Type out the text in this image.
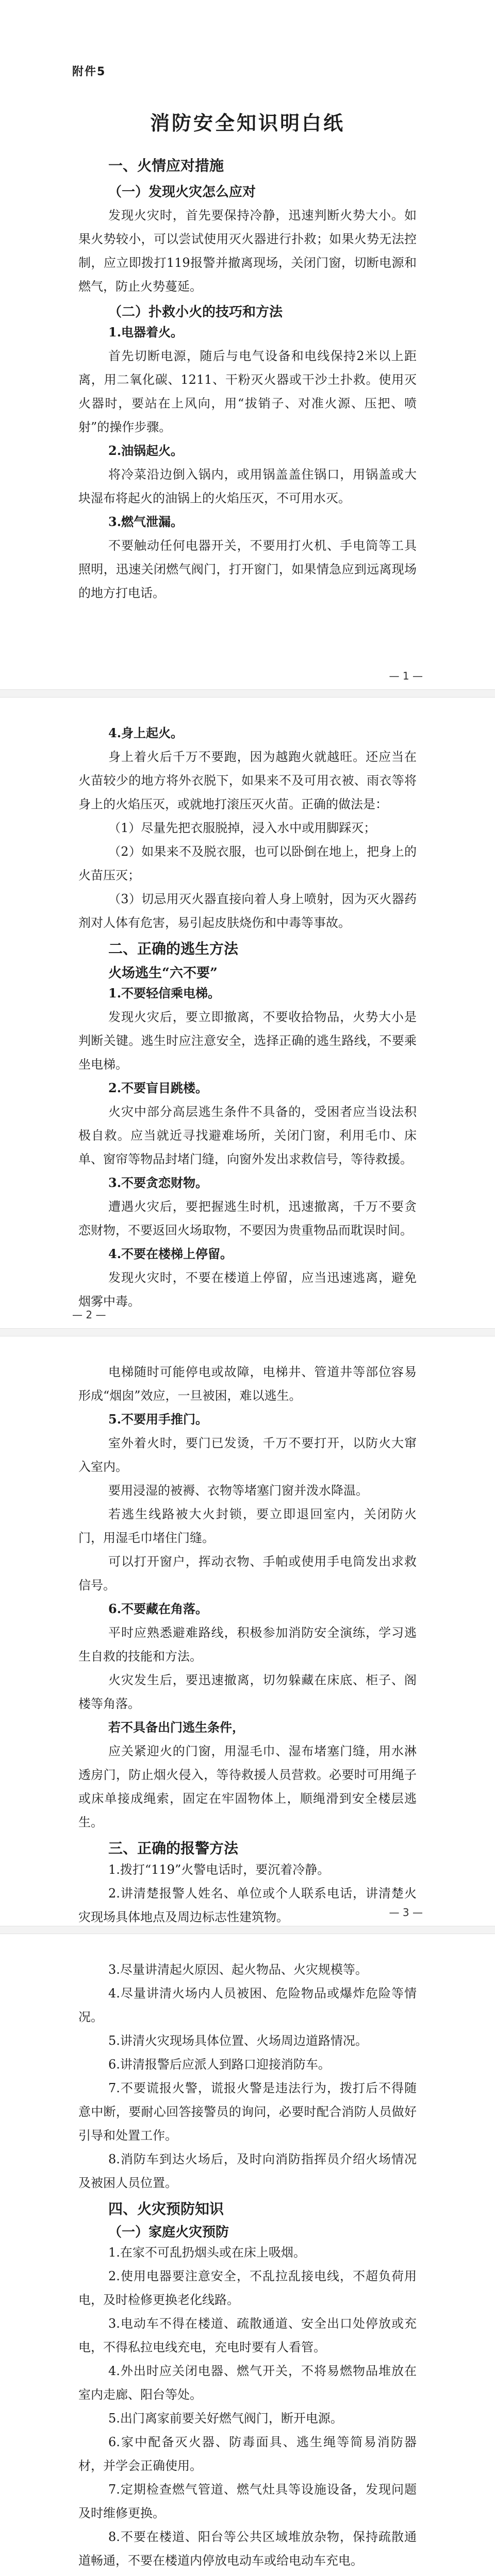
附件5
消防安全知识明白纸

一、火情应对措施

（一）发现火灾怎么应对

发现火灾时，首先要保持冷静，迅速判断火势大小。如果火势较小，可以尝试使用灭火器进行扑救；如果火势无法控制，应立即拨打119报警并撤离现场，关闭门窗，切断电源和燃气，防止火势蔓延。

（二）扑救小火的技巧和方法

1.电器着火。

首先切断电源，随后与电气设备和电线保持2米以上距离，用二氧化碳、1211、干粉灭火器或干沙土扑救。使用灭火器时，要站在上风向，用“拔销子、对准火源、压把、喷射”的操作步骤。

2.油锅起火。

将冷菜沿边倒入锅内，或用锅盖盖住锅口，用锅盖或大块湿布将起火的油锅上的火焰压灭，不可用水灭。

3.燃气泄漏。

不要触动任何电器开关，不要用打火机、手电筒等工具照明，迅速关闭燃气阀门，打开窗门，如果情急应到远离现场的地方打电话。

— 1 —

4.身上起火。

身上着火后千万不要跑，因为越跑火就越旺。还应当在火苗较少的地方将外衣脱下，如果来不及可用衣被、雨衣等将身上的火焰压灭，或就地打滚压灭火苗。正确的做法是：

（1）尽量先把衣服脱掉，浸入水中或用脚踩灭；

（2）如果来不及脱衣服，也可以卧倒在地上，把身上的火苗压灭；

（3）切忌用灭火器直接向着人身上喷射，因为灭火器药剂对人体有危害，易引起皮肤烧伤和中毒等事故。

二、正确的逃生方法

火场逃生“六不要”

1.不要轻信乘电梯。

发现火灾后，要立即撤离，不要收拾物品，火势大小是判断关键。逃生时应注意安全，选择正确的逃生路线，不要乘坐电梯。

2.不要盲目跳楼。

火灾中部分高层逃生条件不具备的，受困者应当设法积极自救。应当就近寻找避难场所，关闭门窗，利用毛巾、床单、窗帘等物品封堵门缝，向窗外发出求救信号，等待救援。

3.不要贪恋财物。

遭遇火灾后，要把握逃生时机，迅速撤离，千万不要贪恋财物，不要返回火场取物，不要因为贵重物品而耽误时间。

4.不要在楼梯上停留。

发现火灾时，不要在楼道上停留，应当迅速逃离，避免烟雾中毒。

— 2 —

电梯随时可能停电或故障，电梯井、管道井等部位容易形成“烟囱”效应，一旦被困，难以逃生。

5.不要用手推门。

室外着火时，要门已发烫，千万不要打开，以防火大窜入室内。

要用浸湿的被褥、衣物等堵塞门窗并泼水降温。

若逃生线路被大火封锁，要立即退回室内，关闭防火门，用湿毛巾堵住门缝。

可以打开窗户，挥动衣物、手帕或使用手电筒发出求救信号。

6.不要藏在角落。

平时应熟悉避难路线，积极参加消防安全演练，学习逃生自救的技能和方法。

火灾发生后，要迅速撤离，切勿躲藏在床底、柜子、阁楼等角落。

若不具备出门逃生条件，

应关紧迎火的门窗，用湿毛巾、湿布堵塞门缝，用水淋透房门，防止烟火侵入，等待救援人员营救。必要时可用绳子或床单接成绳索，固定在牢固物体上，顺绳滑到安全楼层逃生。

三、正确的报警方法

1.拨打“119”火警电话时，要沉着冷静。

2.讲清楚报警人姓名、单位或个人联系电话，讲清楚火灾现场具体地点及周边标志性建筑物。	— 3 —

3.尽量讲清起火原因、起火物品、火灾规模等。

4.尽量讲清火场内人员被困、危险物品或爆炸危险等情况。

5.讲清火灾现场具体位置、火场周边道路情况。

6.讲清报警后应派人到路口迎接消防车。

7.不要谎报火警，谎报火警是违法行为，拨打后不得随意中断，要耐心回答接警员的询问，必要时配合消防人员做好引导和处置工作。

8.消防车到达火场后，及时向消防指挥员介绍火场情况及被困人员位置。

四、火灾预防知识

（一）家庭火灾预防

1.在家不可乱扔烟头或在床上吸烟。

2.使用电器要注意安全，不乱拉乱接电线，不超负荷用电，及时检修更换老化线路。

3.电动车不得在楼道、疏散通道、安全出口处停放或充电，不得私拉电线充电，充电时要有人看管。

4.外出时应关闭电器、燃气开关，不将易燃物品堆放在室内走廊、阳台等处。

5.出门离家前要关好燃气阀门，断开电源。

6.家中配备灭火器、防毒面具、逃生绳等简易消防器材，并学会正确使用。

7.定期检查燃气管道、燃气灶具等设施设备，发现问题及时维修更换。

8.不要在楼道、阳台等公共区域堆放杂物，保持疏散通道畅通，不要在楼道内停放电动车或给电动车充电。
